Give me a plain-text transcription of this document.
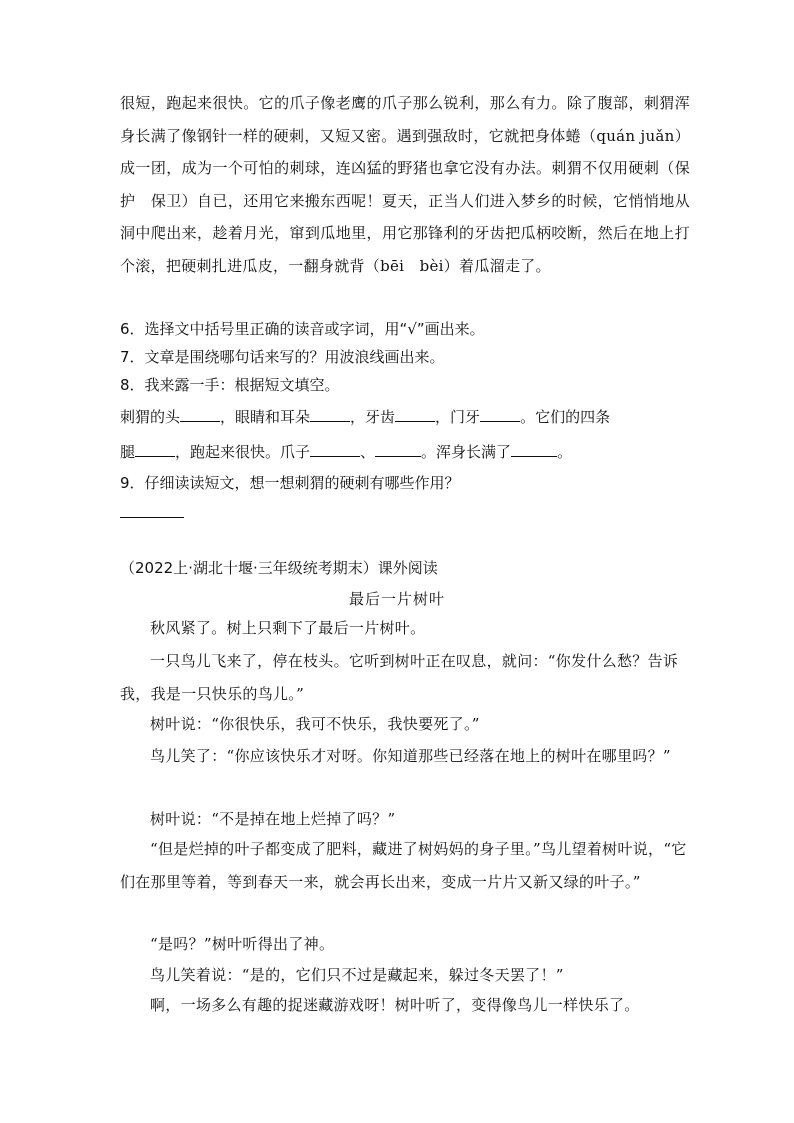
很短，跑起来很快。它的爪子像老鹰的爪子那么锐利，那么有力。除了腹部，刺猬浑身长满了像钢针一样的硬刺，又短又密。遇到强敌时，它就把身体蜷（quán juǎn）成一团，成为一个可怕的刺球，连凶猛的野猪也拿它没有办法。刺猬不仅用硬刺（保护　保卫）自已，还用它来搬东西呢！夏天，正当人们进入梦乡的时候，它悄悄地从洞中爬出来，趁着月光，窜到瓜地里，用它那锋利的牙齿把瓜柄咬断，然后在地上打个滚，把硬刺扎进瓜皮，一翻身就背（bēi　bèi）着瓜溜走了。

6．选择文中括号里正确的读音或字词，用“√”画出来。

7．文章是围绕哪句话来写的？用波浪线画出来。

8．我来露一手：根据短文填空。

刺猬的头	，眼睛和耳朵	，牙齿	，门牙	。它们的四条
腿	，跑起来很快。爪子	、	。浑身长满了	。

9．仔细读读短文，想一想刺猬的硬刺有哪些作用？

（2022上·湖北十堰·三年级统考期末）课外阅读
最后一片树叶

秋风紧了。树上只剩下了最后一片树叶。

一只鸟儿飞来了，停在枝头。它听到树叶正在叹息，就问：“你发什么愁？告诉我，我是一只快乐的鸟儿。”

树叶说：“你很快乐，我可不快乐，我快要死了。”

鸟儿笑了：“你应该快乐才对呀。你知道那些已经落在地上的树叶在哪里吗？”

树叶说：“不是掉在地上烂掉了吗？”

“但是烂掉的叶子都变成了肥料，藏进了树妈妈的身子里。”鸟儿望着树叶说，“它们在那里等着，等到春天一来，就会再长出来，变成一片片又新又绿的叶子。”

“是吗？”树叶听得出了神。

鸟儿笑着说：“是的，它们只不过是藏起来，躲过冬天罢了！”

啊，一场多么有趣的捉迷藏游戏呀！树叶听了，变得像鸟儿一样快乐了。
